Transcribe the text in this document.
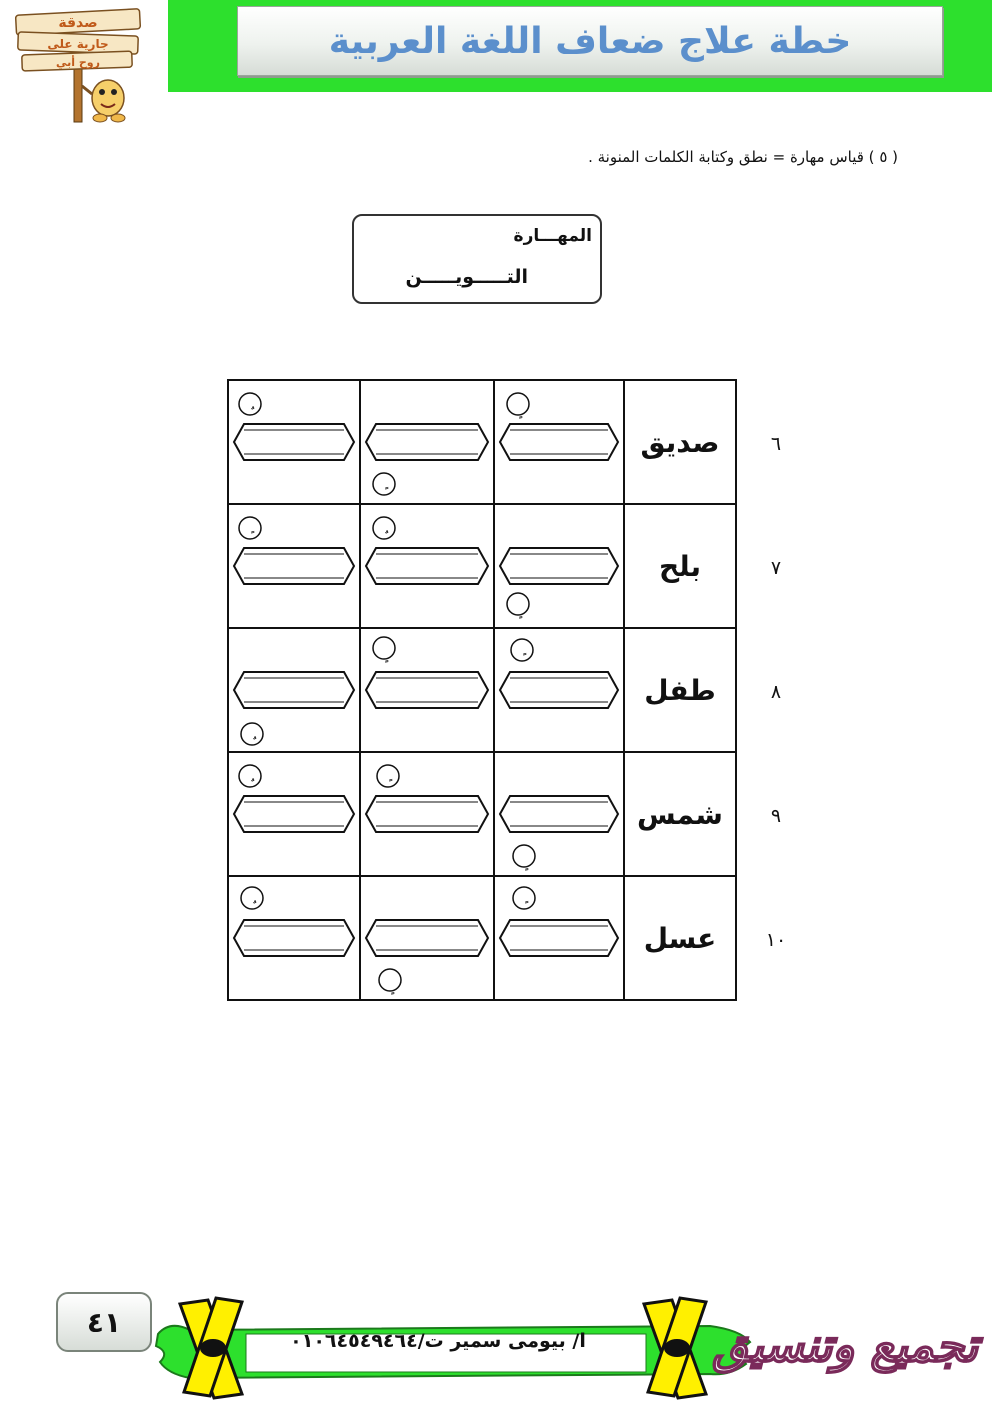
خطة علاج ضعاف اللغة العربية
صدقة
جارية على
روح أبي
( ٥ ) قياس مهارة = نطق وكتابة الكلمات المنونة .
المهـــارة
التـــــويـــــن
صديق	٦
بلح	٧
طفل	٨
شمس	٩
عسل	١٠
٤١
ا/ بيومى سمير ت/٠١٠٦٤٥٤٩٤٦٤	تجميع وتنسيق
